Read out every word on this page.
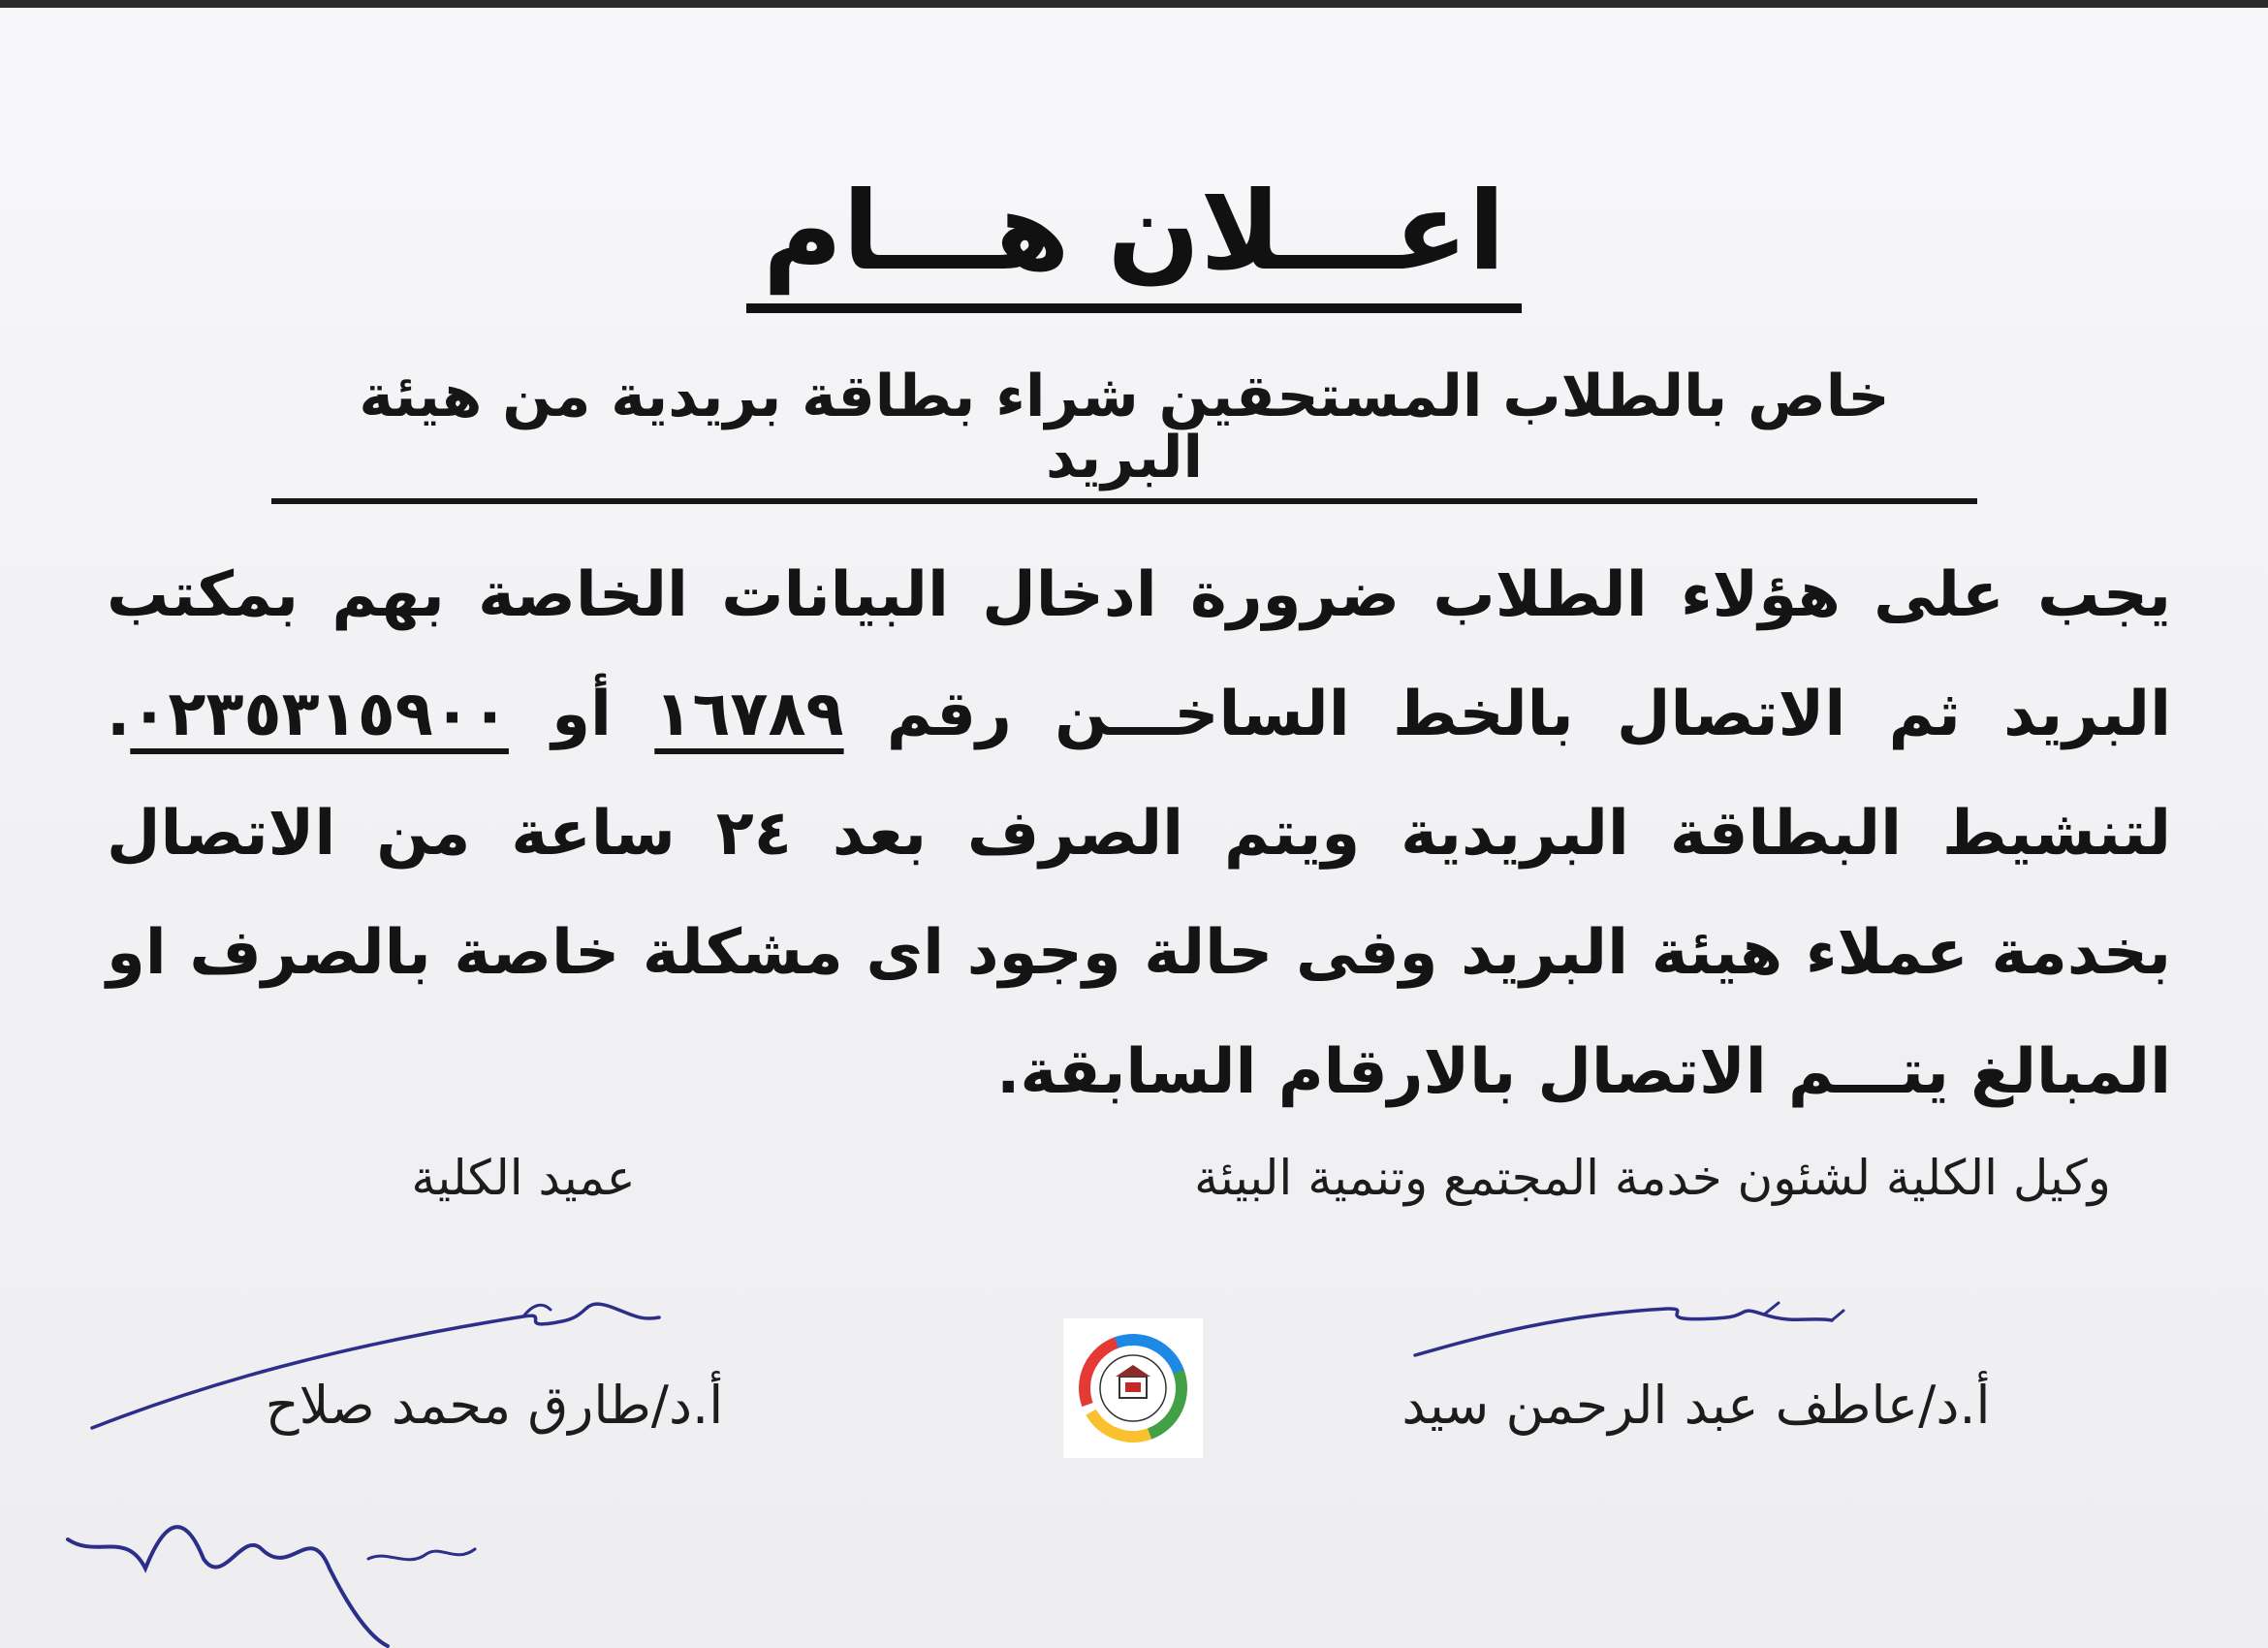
اعـــلان هـــام
خاص بالطلاب المستحقين شراء بطاقة بريدية من هيئة البريد
يجب على هؤلاء الطلاب ضرورة ادخال البيانات الخاصة بهم بمكتب البريد ثم الاتصال بالخط الساخـــن رقم ١٦٧٨٩ أو ٠٢٣٥٣١٥٩٠٠. لتنشيط البطاقة البريدية ويتم الصرف بعد ٢٤ ساعة من الاتصال بخدمة عملاء هيئة البريد وفى حالة وجود اى مشكلة خاصة بالصرف او المبالغ يتـــم الاتصال بالارقام السابقة.
وكيل الكلية لشئون خدمة المجتمع وتنمية البيئة
أ.د/عاطف عبد الرحمن سيد
عميد الكلية
أ.د/طارق محمد صلاح
